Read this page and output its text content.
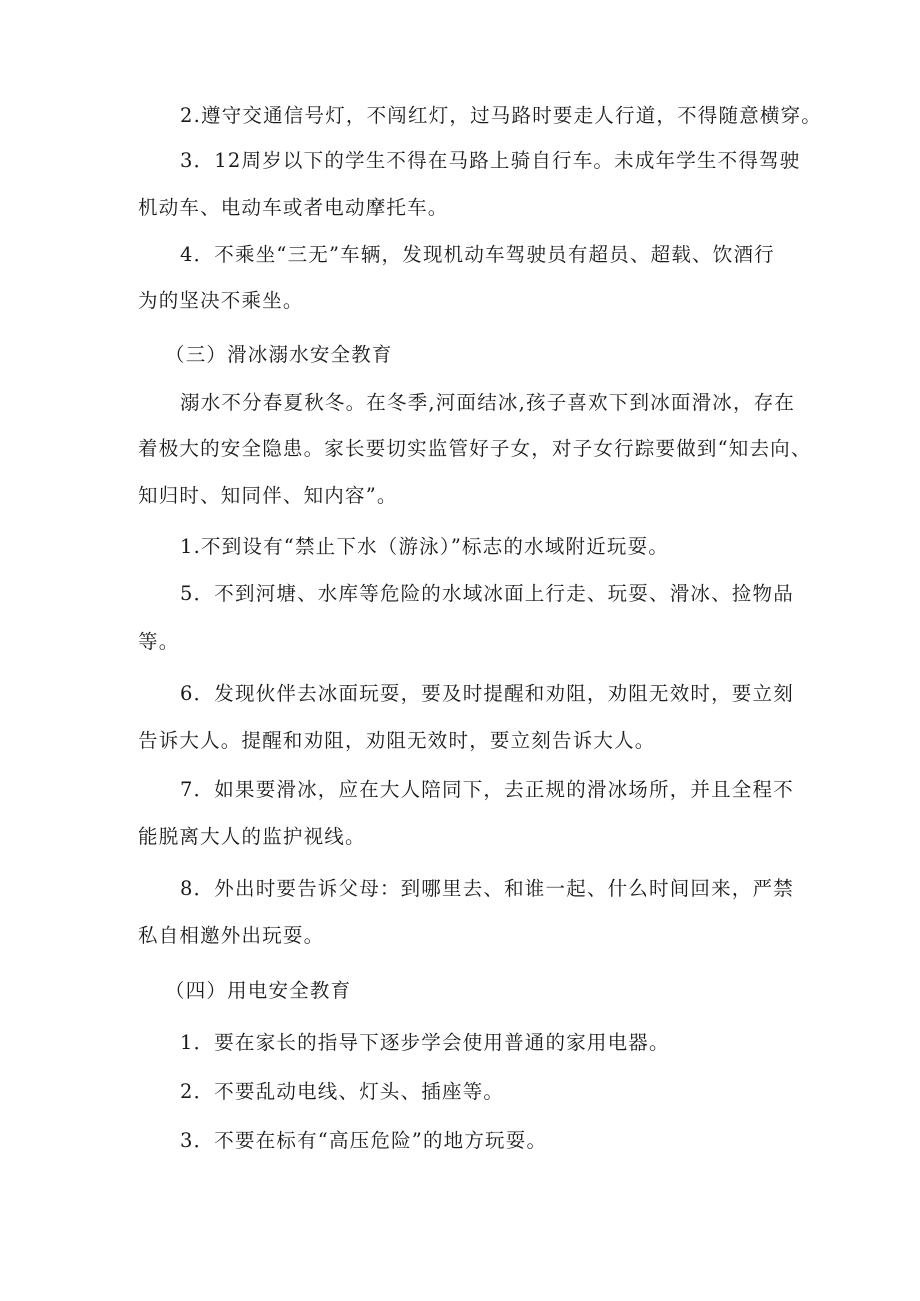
2.遵守交通信号灯，不闯红灯，过马路时要走人行道，不得随意横穿。
3．12周岁以下的学生不得在马路上骑自行车。未成年学生不得驾驶
机动车、电动车或者电动摩托车。
4．不乘坐“三无”车辆，发现机动车驾驶员有超员、超载、饮酒行
为的坚决不乘坐。
（三）滑冰溺水安全教育
溺水不分春夏秋冬。在冬季,河面结冰,孩子喜欢下到冰面滑冰，存在
着极大的安全隐患。家长要切实监管好子女，对子女行踪要做到“知去向、
知归时、知同伴、知内容”。
1.不到设有“禁止下水（游泳）”标志的水域附近玩耍。
5．不到河塘、水库等危险的水域冰面上行走、玩耍、滑冰、捡物品
等。
6．发现伙伴去冰面玩耍，要及时提醒和劝阻，劝阻无效时，要立刻
告诉大人。提醒和劝阻，劝阻无效时，要立刻告诉大人。
7．如果要滑冰，应在大人陪同下，去正规的滑冰场所，并且全程不
能脱离大人的监护视线。
8．外出时要告诉父母：到哪里去、和谁一起、什么时间回来，严禁
私自相邀外出玩耍。
（四）用电安全教育
1．要在家长的指导下逐步学会使用普通的家用电器。
2．不要乱动电线、灯头、插座等。
3．不要在标有“高压危险”的地方玩耍。
